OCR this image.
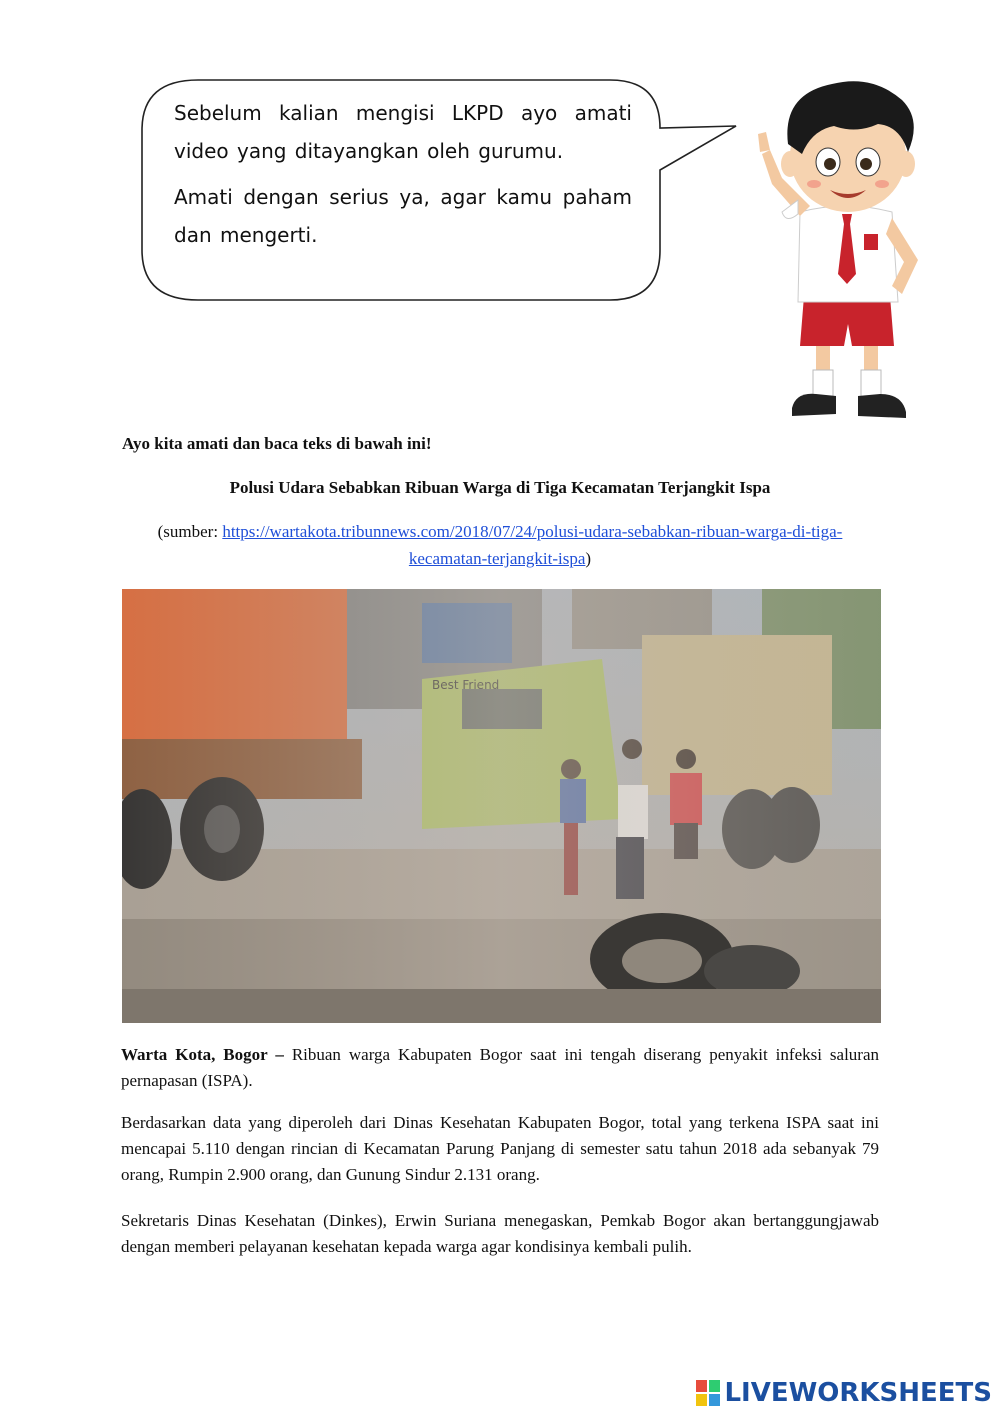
Sebelum kalian mengisi LKPD ayo amati video yang ditayangkan oleh gurumu.

Amati dengan serius ya, agar kamu paham dan mengerti.

Ayo kita amati dan baca teks di bawah ini!
Polusi Udara Sebabkan Ribuan Warga di Tiga Kecamatan Terjangkit Ispa
(sumber: https://wartakota.tribunnews.com/2018/07/24/polusi-udara-sebabkan-ribuan-warga-di-tiga-kecamatan-terjangkit-ispa)

Warta Kota, Bogor – Ribuan warga Kabupaten Bogor saat ini tengah diserang penyakit infeksi saluran pernapasan (ISPA).

Berdasarkan data yang diperoleh dari Dinas Kesehatan Kabupaten Bogor, total yang terkena ISPA saat ini mencapai 5.110 dengan rincian di Kecamatan Parung Panjang di semester satu tahun 2018 ada sebanyak 79 orang, Rumpin 2.900 orang, dan Gunung Sindur 2.131 orang.

Sekretaris Dinas Kesehatan (Dinkes), Erwin Suriana menegaskan, Pemkab Bogor akan bertanggungjawab dengan memberi pelayanan kesehatan kepada warga agar kondisinya kembali pulih.

LIVEWORKSHEETS
